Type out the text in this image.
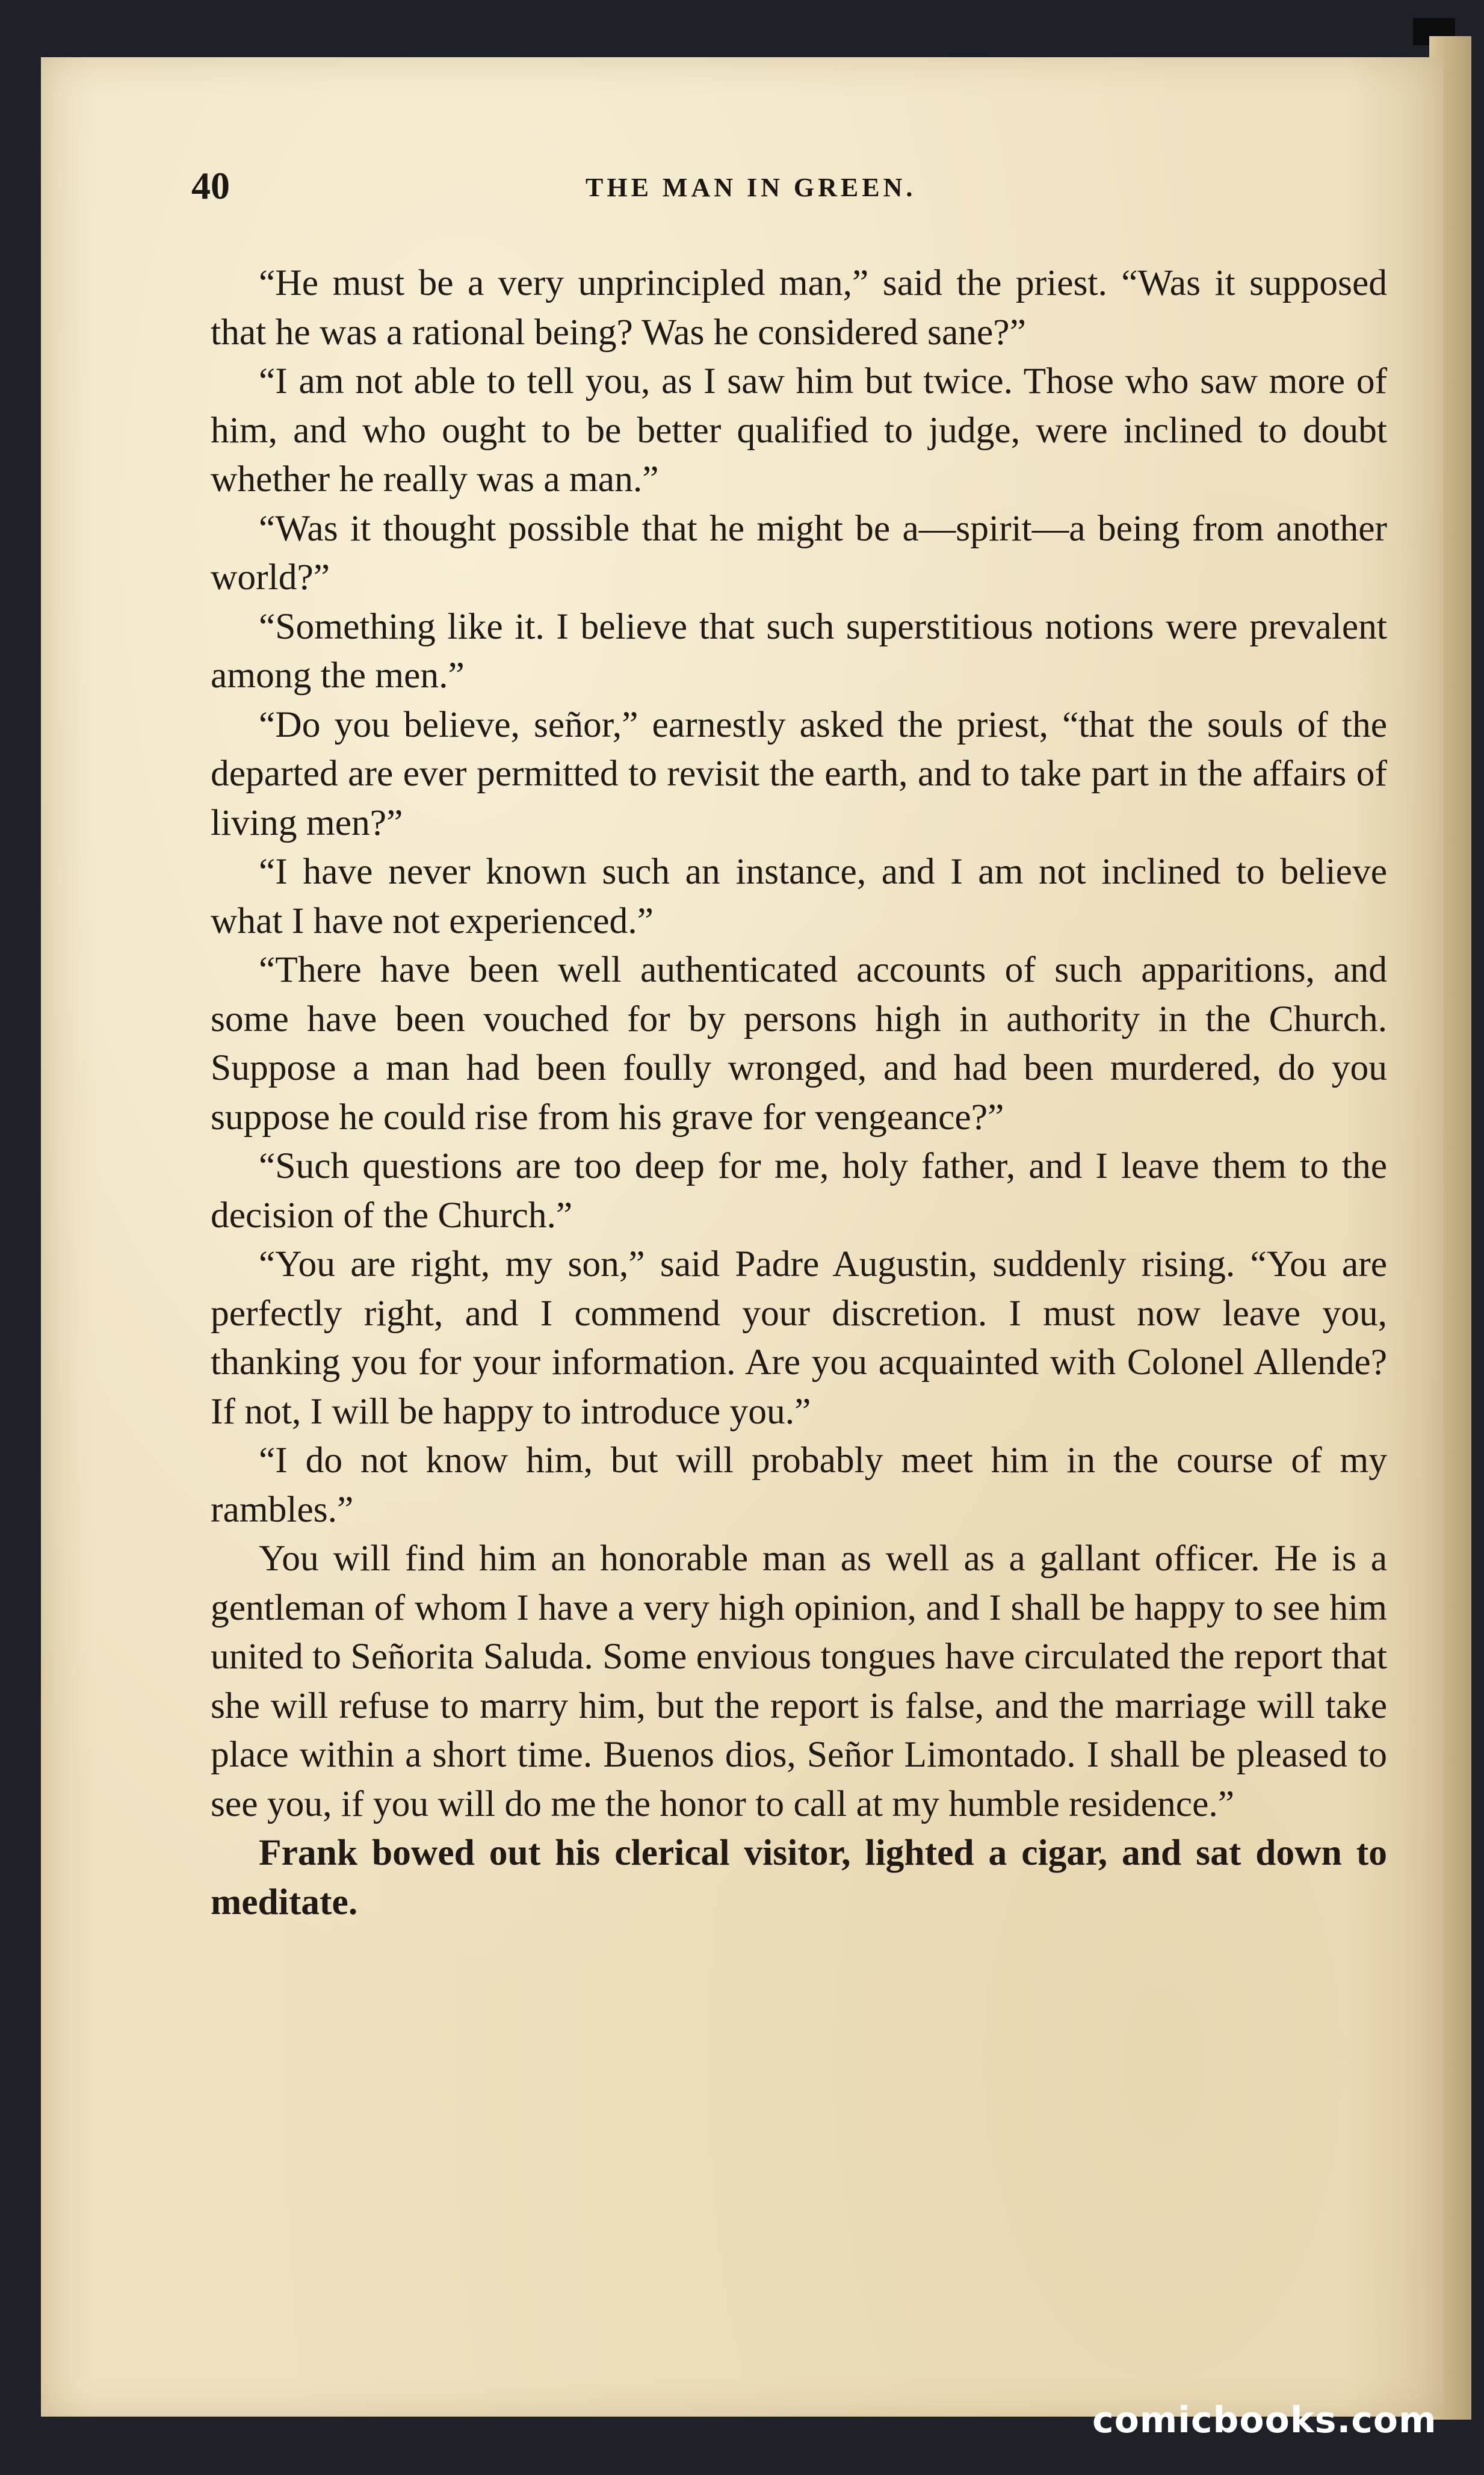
40	THE MAN IN GREEN.

“He must be a very unprincipled man,” said the priest. “Was it supposed that he was a rational being? Was he considered sane?”

“I am not able to tell you, as I saw him but twice. Those who saw more of him, and who ought to be better qualified to judge, were inclined to doubt whether he really was a man.”

“Was it thought possible that he might be a—spirit—a being from another world?”

“Something like it. I believe that such superstitious notions were prevalent among the men.”

“Do you believe, señor,” earnestly asked the priest, “that the souls of the departed are ever permitted to revisit the earth, and to take part in the affairs of living men?”

“I have never known such an instance, and I am not inclined to believe what I have not experienced.”

“There have been well authenticated accounts of such apparitions, and some have been vouched for by persons high in authority in the Church. Suppose a man had been foully wronged, and had been murdered, do you suppose he could rise from his grave for vengeance?”

“Such questions are too deep for me, holy father, and I leave them to the decision of the Church.”

“You are right, my son,” said Padre Augustin, suddenly rising. “You are perfectly right, and I commend your discretion. I must now leave you, thanking you for your information. Are you acquainted with Colonel Allende? If not, I will be happy to introduce you.”

“I do not know him, but will probably meet him in the course of my rambles.”

You will find him an honorable man as well as a gallant officer. He is a gentleman of whom I have a very high opinion, and I shall be happy to see him united to Señorita Saluda. Some envious tongues have circulated the report that she will refuse to marry him, but the report is false, and the marriage will take place within a short time. Buenos dios, Señor Limontado. I shall be pleased to see you, if you will do me the honor to call at my humble residence.”

Frank bowed out his clerical visitor, lighted a cigar, and sat down to meditate.

comicbooks.com
